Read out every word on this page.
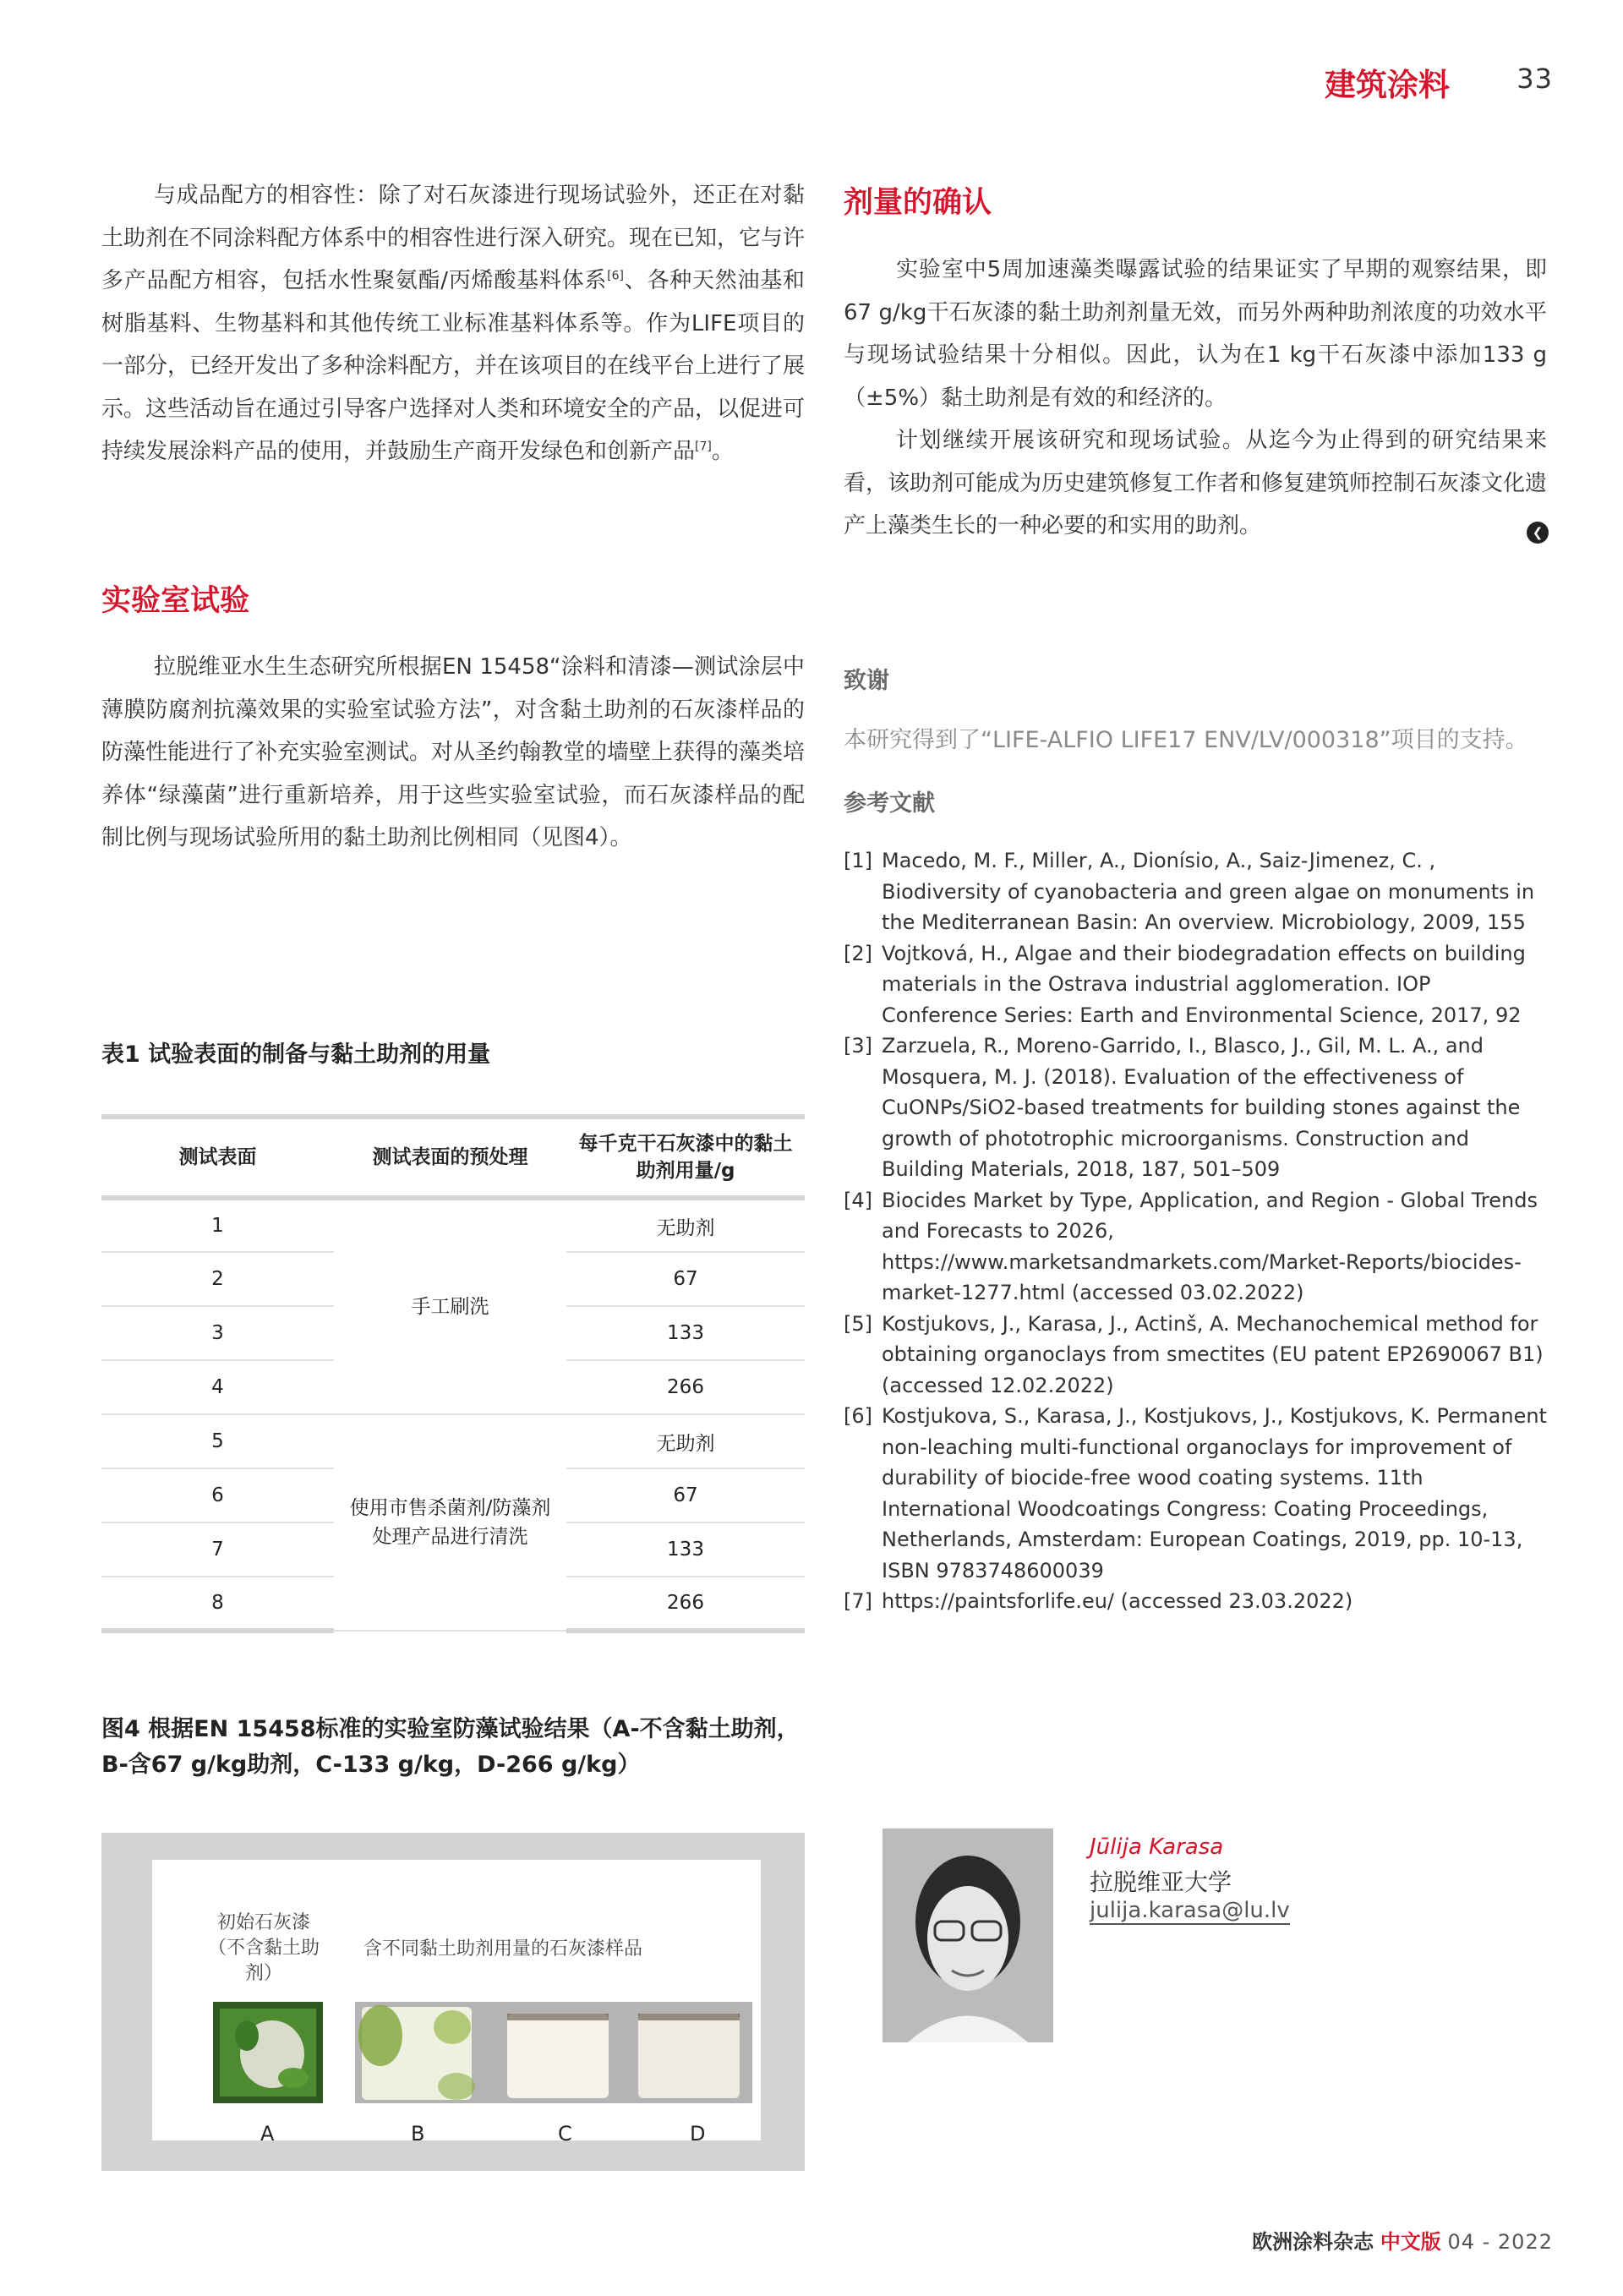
建筑涂料 33

与成品配方的相容性：除了对石灰漆进行现场试验外，还正在对黏土助剂在不同涂料配方体系中的相容性进行深入研究。现在已知，它与许多产品配方相容，包括水性聚氨酯/丙烯酸基料体系[6]、各种天然油基和树脂基料、生物基料和其他传统工业标准基料体系等。作为LIFE项目的一部分，已经开发出了多种涂料配方，并在该项目的在线平台上进行了展示。这些活动旨在通过引导客户选择对人类和环境安全的产品，以促进可持续发展涂料产品的使用，并鼓励生产商开发绿色和创新产品[7]。

实验室试验

拉脱维亚水生生态研究所根据EN 15458“涂料和清漆—测试涂层中薄膜防腐剂抗藻效果的实验室试验方法”，对含黏土助剂的石灰漆样品的防藻性能进行了补充实验室测试。对从圣约翰教堂的墙壁上获得的藻类培养体“绿藻菌”进行重新培养，用于这些实验室试验，而石灰漆样品的配制比例与现场试验所用的黏土助剂比例相同（见图4）。

表1 试验表面的制备与黏土助剂的用量
测试表面	测试表面的预处理	每千克干石灰漆中的黏土助剂用量/g
1	手工刷洗	无助剂
2		67
3		133
4		266
5	使用市售杀菌剂/防藻剂处理产品进行清洗	无助剂
6		67
7		133
8		266
图4 根据EN 15458标准的实验室防藻试验结果（A-不含黏土助剂，B-含67 g/kg助剂，C-133 g/kg，D-266 g/kg）
初始石灰漆（不含黏土助剂）
含不同黏土助剂用量的石灰漆样品
A	B	C	D
剂量的确认

实验室中5周加速藻类曝露试验的结果证实了早期的观察结果，即67 g/kg干石灰漆的黏土助剂剂量无效，而另外两种助剂浓度的功效水平与现场试验结果十分相似。因此，认为在1 kg干石灰漆中添加133 g（±5%）黏土助剂是有效的和经济的。

计划继续开展该研究和现场试验。从迄今为止得到的研究结果来看，该助剂可能成为历史建筑修复工作者和修复建筑师控制石灰漆文化遗产上藻类生长的一种必要的和实用的助剂。	❮
致谢
本研究得到了“LIFE-ALFIO LIFE17 ENV/LV/000318”项目的支持。
参考文献
[1] Macedo, M. F., Miller, A., Dionísio, A., Saiz-Jimenez, C. , Biodiversity of cyanobacteria and green algae on monuments in the Mediterranean Basin: An overview. Microbiology, 2009, 155
[2] Vojtková, H., Algae and their biodegradation effects on building materials in the Ostrava industrial agglomeration. IOP Conference Series: Earth and Environmental Science, 2017, 92
[3] Zarzuela, R., Moreno-Garrido, I., Blasco, J., Gil, M. L. A., and Mosquera, M. J. (2018). Evaluation of the effectiveness of CuONPs/SiO2-based treatments for building stones against the growth of phototrophic microorganisms. Construction and Building Materials, 2018, 187, 501–509
[4] Biocides Market by Type, Application, and Region - Global Trends and Forecasts to 2026, https://www.marketsandmarkets.com/Market-Reports/biocides-market-1277.html (accessed 03.02.2022)
[5] Kostjukovs, J., Karasa, J., Actinš, A. Mechanochemical method for obtaining organoclays from smectites (EU patent EP2690067 B1) (accessed 12.02.2022)
[6] Kostjukova, S., Karasa, J., Kostjukovs, J., Kostjukovs, K. Permanent non-leaching multi-functional organoclays for improvement of durability of biocide-free wood coating systems. 11th International Woodcoatings Congress: Coating Proceedings, Netherlands, Amsterdam: European Coatings, 2019, pp. 10-13, ISBN 9783748600039
[7] https://paintsforlife.eu/ (accessed 23.03.2022)
Jūlija Karasa
拉脱维亚大学
julija.karasa@lu.lv
欧洲涂料杂志 中文版 04 - 2022
